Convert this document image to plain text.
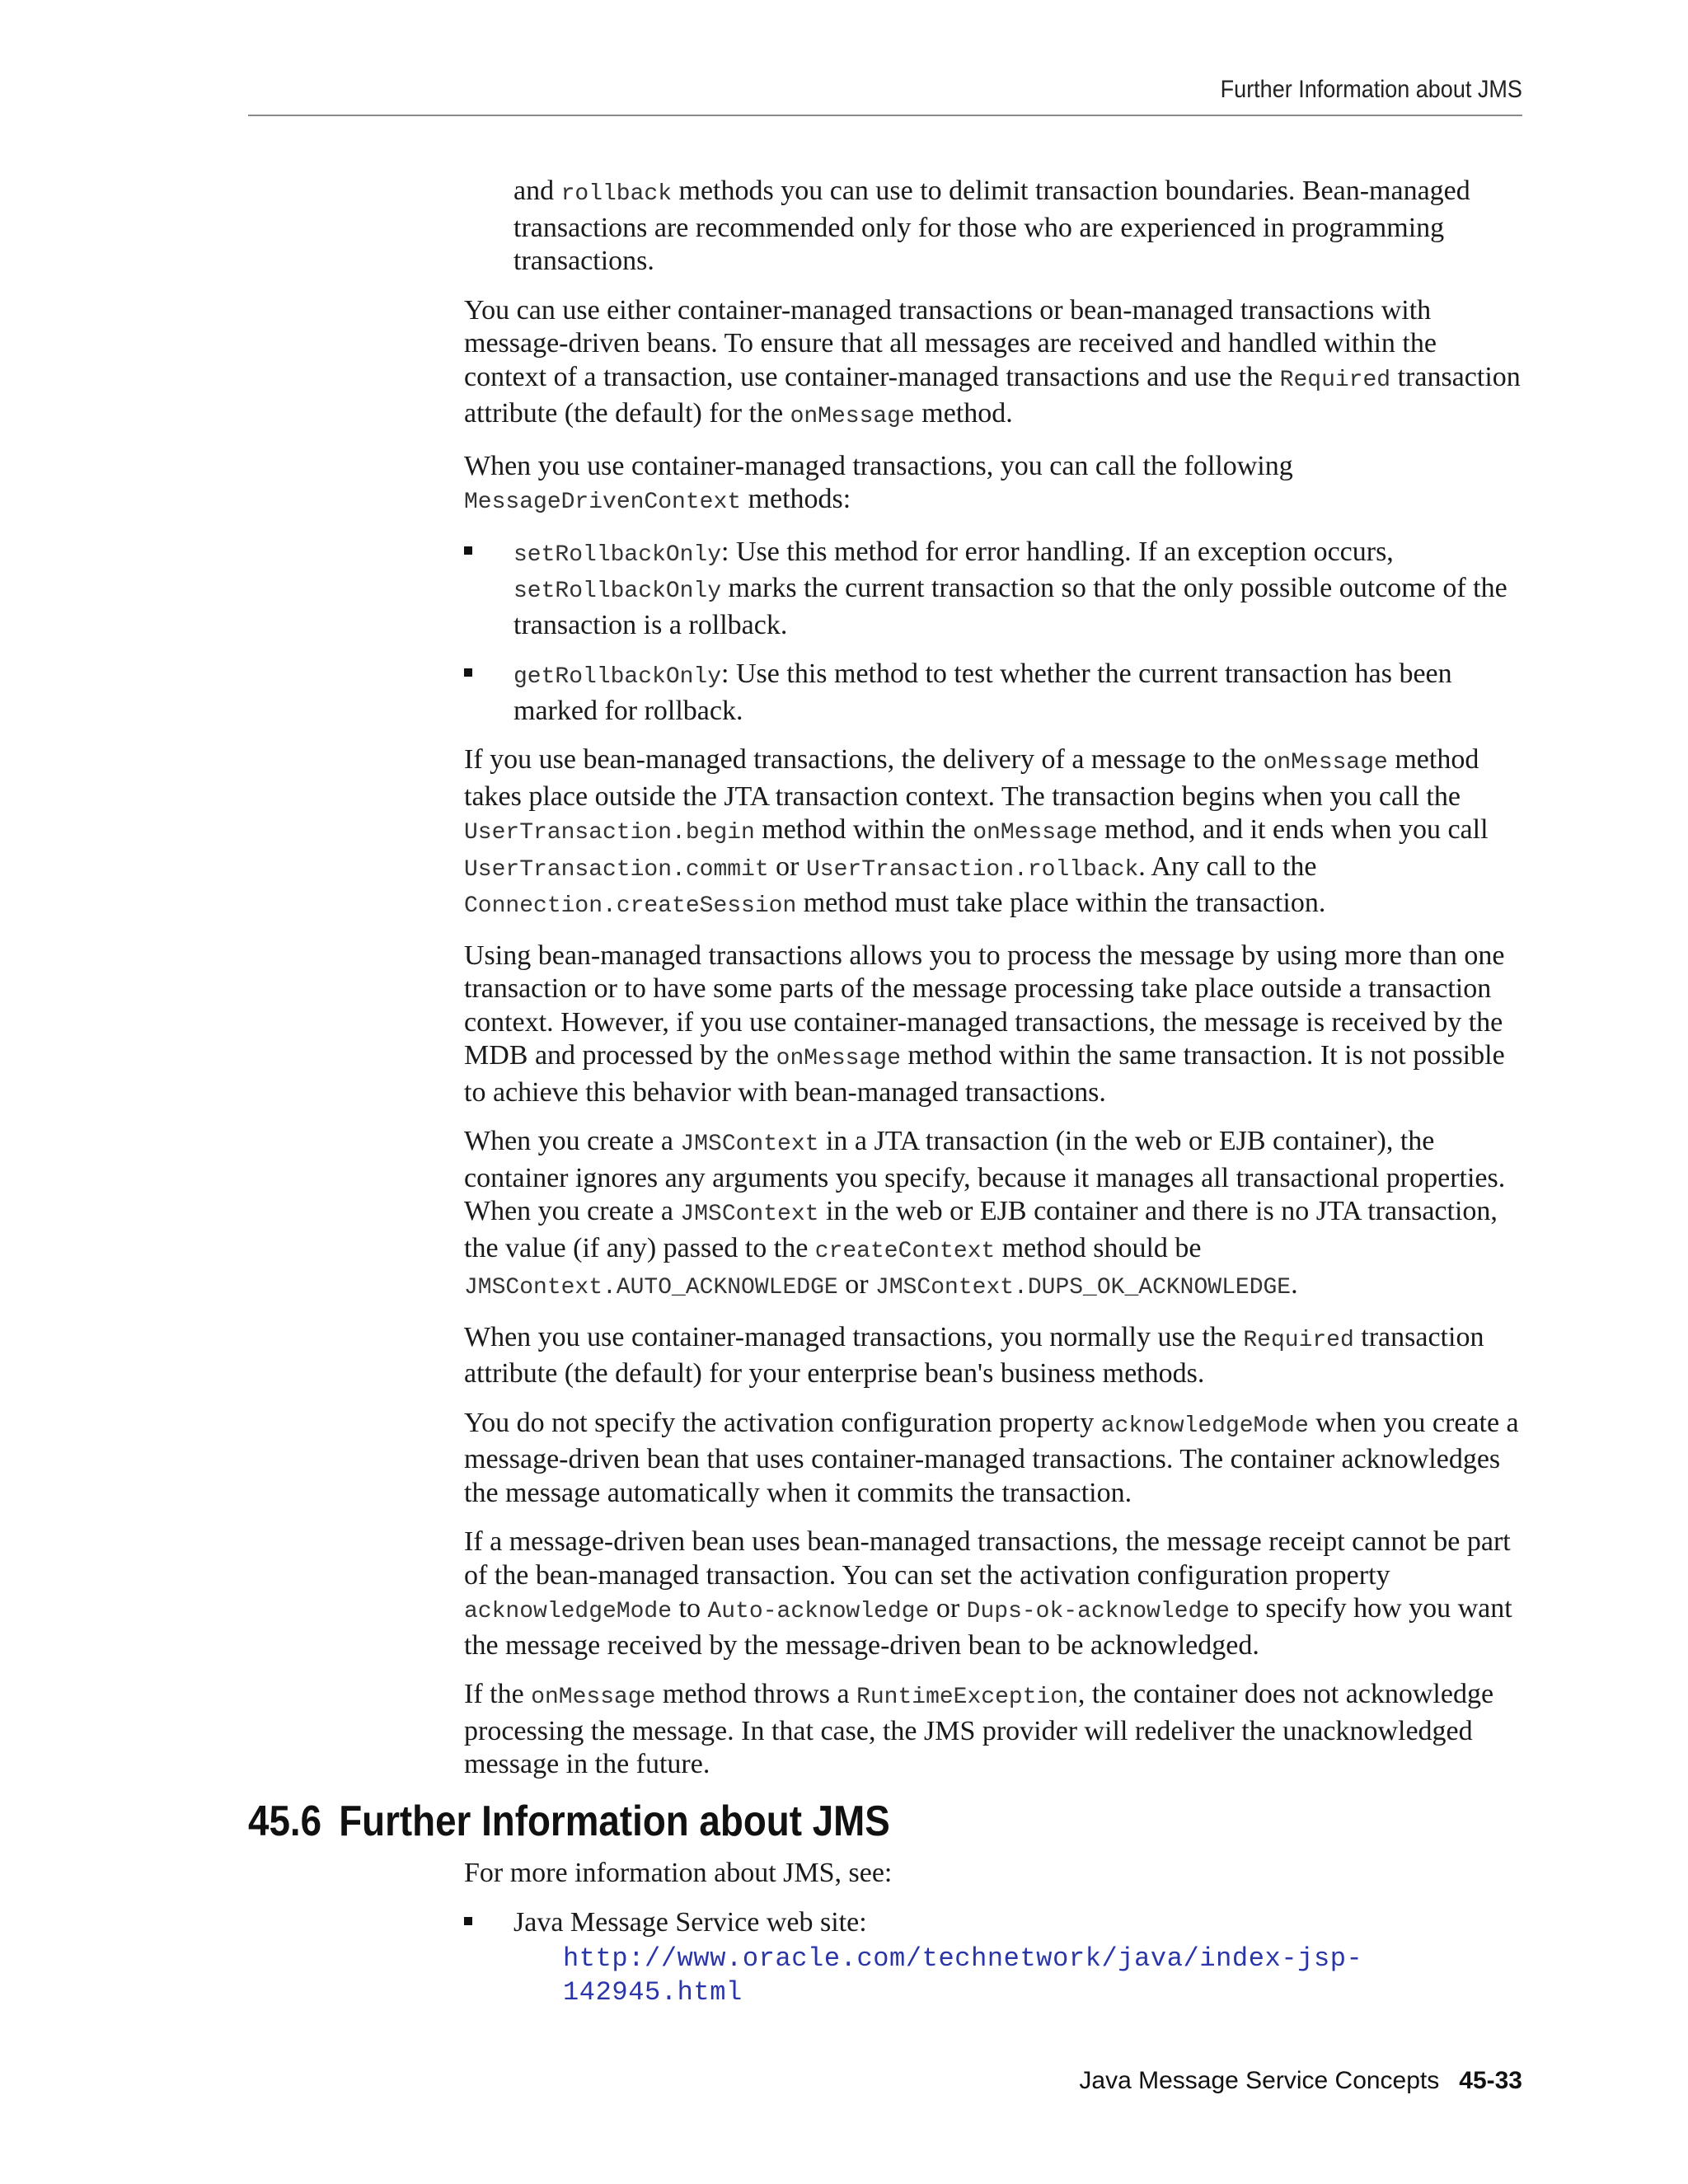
Further Information about JMS

and rollback methods you can use to delimit transaction boundaries. Bean-managed transactions are recommended only for those who are experienced in programming transactions.

You can use either container-managed transactions or bean-managed transactions with message-driven beans. To ensure that all messages are received and handled within the context of a transaction, use container-managed transactions and use the Required transaction attribute (the default) for the onMessage method.

When you use container-managed transactions, you can call the following MessageDrivenContext methods:

setRollbackOnly: Use this method for error handling. If an exception occurs, setRollbackOnly marks the current transaction so that the only possible outcome of the transaction is a rollback.
getRollbackOnly: Use this method to test whether the current transaction has been marked for rollback.

If you use bean-managed transactions, the delivery of a message to the onMessage method takes place outside the JTA transaction context. The transaction begins when you call the UserTransaction.begin method within the onMessage method, and it ends when you call UserTransaction.commit or UserTransaction.rollback. Any call to the Connection.createSession method must take place within the transaction.

Using bean-managed transactions allows you to process the message by using more than one transaction or to have some parts of the message processing take place outside a transaction context. However, if you use container-managed transactions, the message is received by the MDB and processed by the onMessage method within the same transaction. It is not possible to achieve this behavior with bean-managed transactions.

When you create a JMSContext in a JTA transaction (in the web or EJB container), the container ignores any arguments you specify, because it manages all transactional properties. When you create a JMSContext in the web or EJB container and there is no JTA transaction, the value (if any) passed to the createContext method should be JMSContext.AUTO_ACKNOWLEDGE or JMSContext.DUPS_OK_ACKNOWLEDGE.

When you use container-managed transactions, you normally use the Required transaction attribute (the default) for your enterprise bean's business methods.

You do not specify the activation configuration property acknowledgeMode when you create a message-driven bean that uses container-managed transactions. The container acknowledges the message automatically when it commits the transaction.

If a message-driven bean uses bean-managed transactions, the message receipt cannot be part of the bean-managed transaction. You can set the activation configuration property acknowledgeMode to Auto-acknowledge or Dups-ok-acknowledge to specify how you want the message received by the message-driven bean to be acknowledged.

If the onMessage method throws a RuntimeException, the container does not acknowledge processing the message. In that case, the JMS provider will redeliver the unacknowledged message in the future.

45.6 Further Information about JMS

For more information about JMS, see:

Java Message Service web site:
http://www.oracle.com/technetwork/java/index-jsp-142945.html
Java Message Service Concepts 45-33
